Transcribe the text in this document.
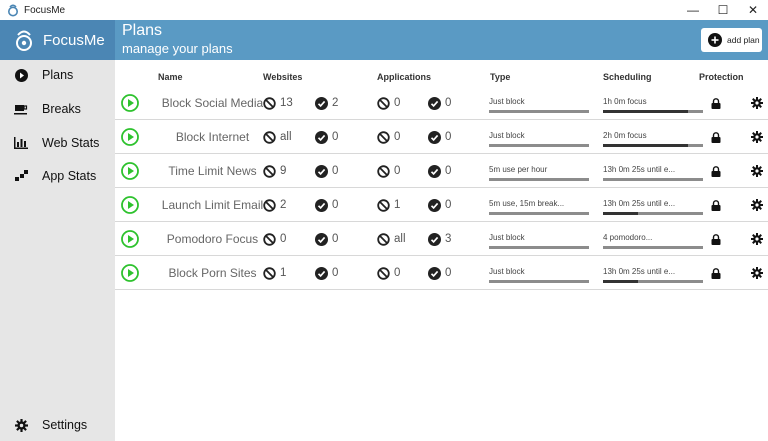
FocusMe	—	☐	✕
FocusMe
Plans
manage your plans
add plan
Plans
Breaks
Web Stats
App Stats
Settings
Name	Websites	Applications	Type	Scheduling	Protection
Block Social Media	13	2	0	0	Just block	1h 0m focus
Block Internet	all	0	0	0	Just block	2h 0m focus
Time Limit News	9	0	0	0	5m use per hour	13h 0m 25s until e...
Launch Limit Email	2	0	1	0	5m use, 15m break...	13h 0m 25s until e...
Pomodoro Focus	0	0	all	3	Just block	4 pomodoro...
Block Porn Sites	1	0	0	0	Just block	13h 0m 25s until e...
